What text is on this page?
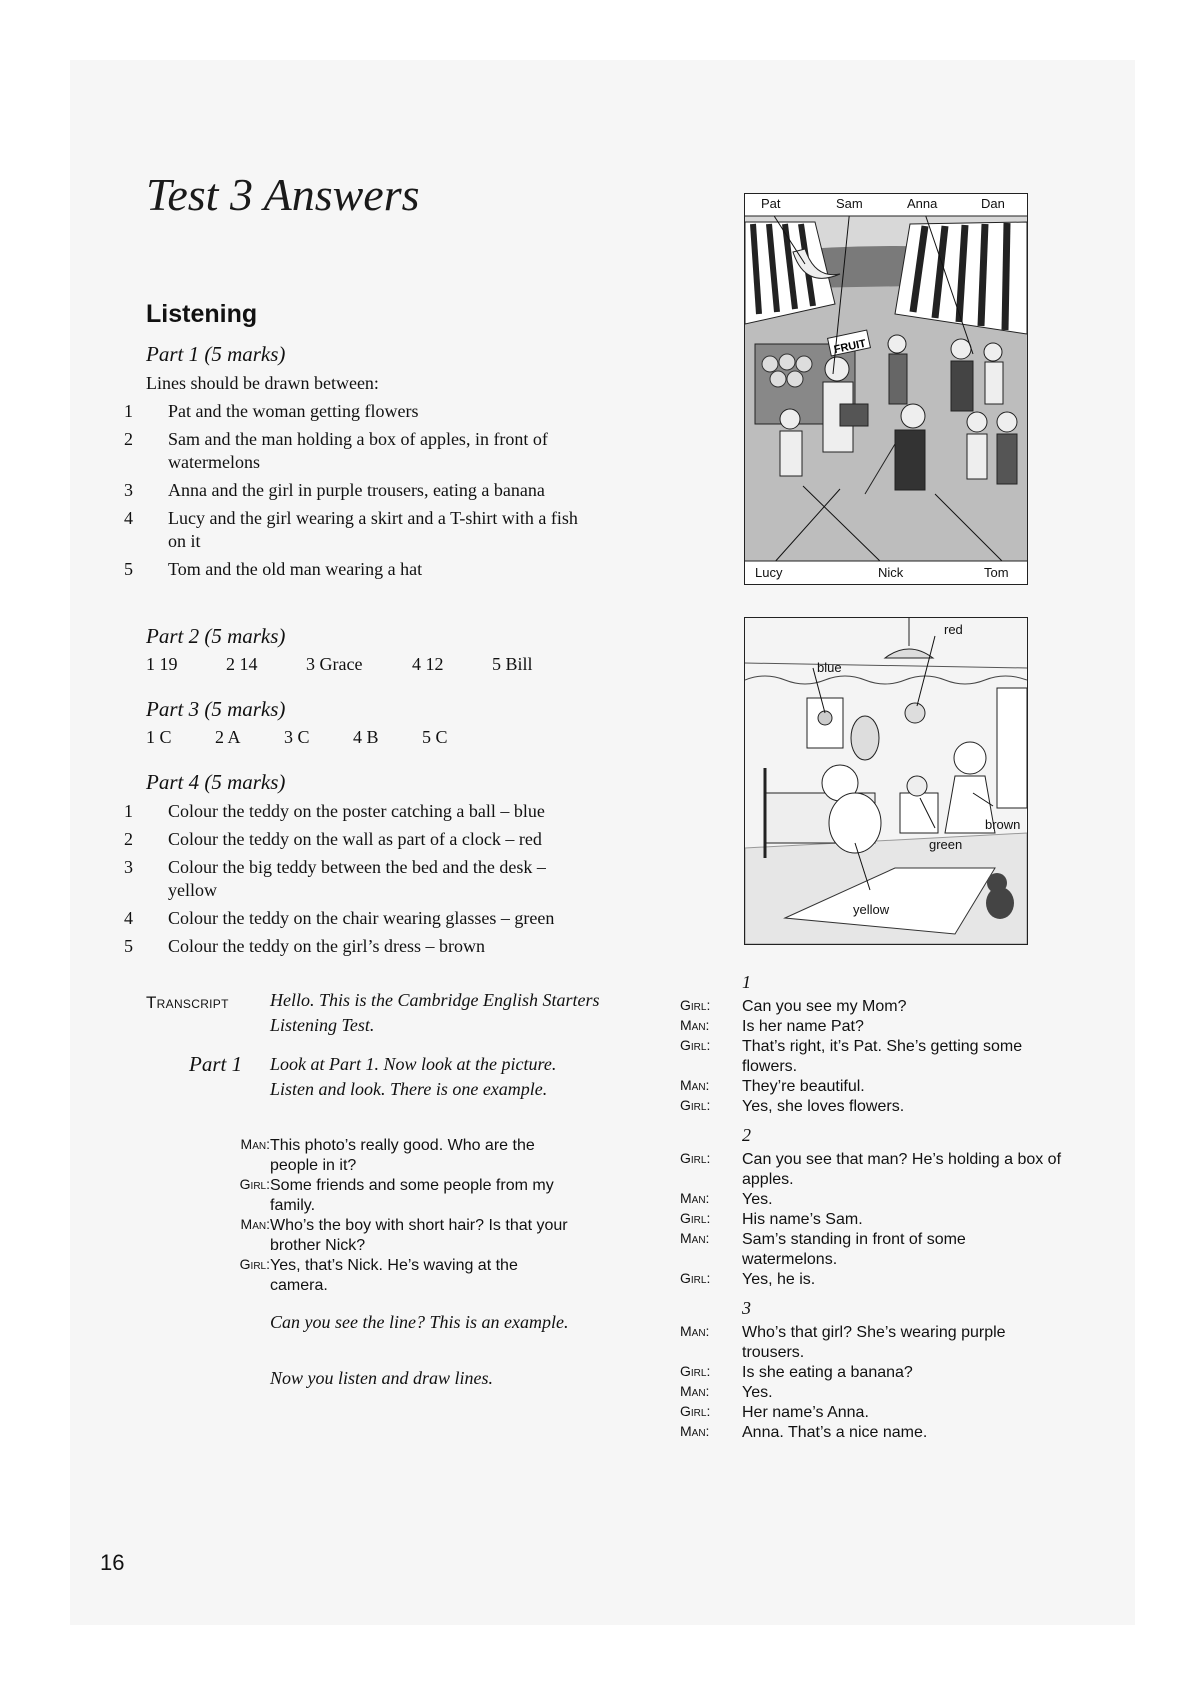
Test 3 Answers
Listening
Part 1 (5 marks)
Lines should be drawn between:
1 Pat and the woman getting flowers
2 Sam and the man holding a box of apples, in front of watermelons
3 Anna and the girl in purple trousers, eating a banana
4 Lucy and the girl wearing a skirt and a T-shirt with a fish on it
5 Tom and the old man wearing a hat
Part 2 (5 marks)
1 19	2 14	3 Grace	4 12	5 Bill
Part 3 (5 marks)
1 C 2 A 3 C 4 B 5 C
Part 4 (5 marks)
1 Colour the teddy on the poster catching a ball – blue
2 Colour the teddy on the wall as part of a clock – red
3 Colour the big teddy between the bed and the desk – yellow
4 Colour the teddy on the chair wearing glasses – green
5 Colour the teddy on the girl’s dress – brown
FRUIT
Pat	Sam	Anna	Dan
Lucy	Nick	Tom
red
blue
brown
green
yellow
Transcript Hello. This is the Cambridge English Starters Listening Test.
Part 1 Look at Part 1. Now look at the picture. Listen and look. There is one example.
Man: This photo’s really good. Who are the people in it?
Girl: Some friends and some people from my family.
Man: Who’s the boy with short hair? Is that your brother Nick?
Girl: Yes, that’s Nick. He’s waving at the camera.
Can you see the line? This is an example.
Now you listen and draw lines.
1
Girl:	Can you see my Mom?
Man:	Is her name Pat?
Girl:	That’s right, it’s Pat. She’s getting some flowers.
Man:	They’re beautiful.
Girl:	Yes, she loves flowers.
2
Girl:	Can you see that man? He’s holding a box of apples.
Man:	Yes.
Girl:	His name’s Sam.
Man:	Sam’s standing in front of some watermelons.
Girl:	Yes, he is.
3
Man:	Who’s that girl? She’s wearing purple trousers.
Girl:	Is she eating a banana?
Man:	Yes.
Girl:	Her name’s Anna.
Man:	Anna. That’s a nice name.
16
